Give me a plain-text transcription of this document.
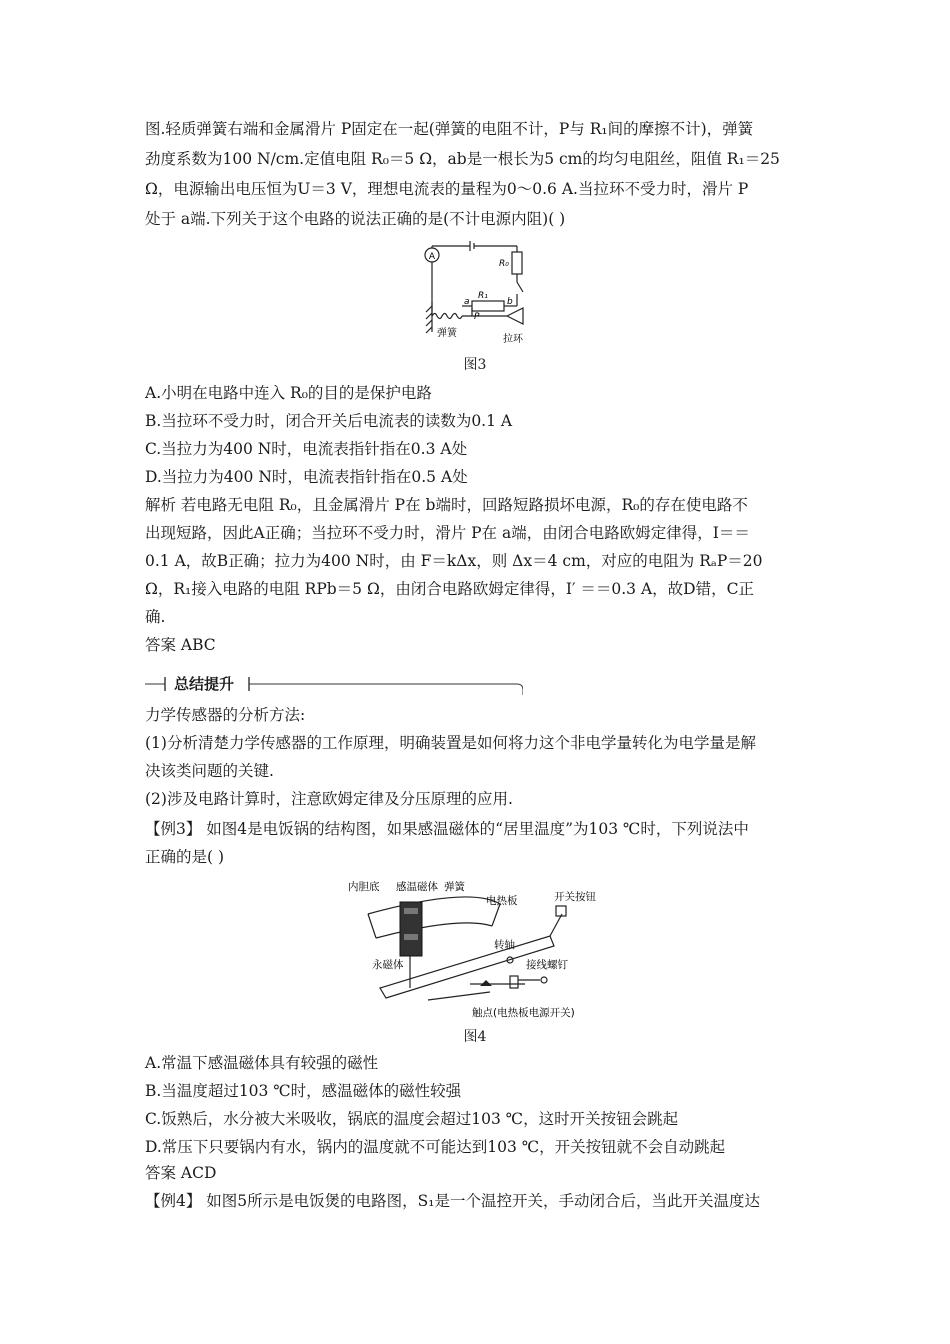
图.轻质弹簧右端和金属滑片 P固定在一起(弹簧的电阻不计，P与 R₁间的摩擦不计)，弹簧
劲度系数为100 N/cm.定值电阻 R₀＝5 Ω，ab是一根长为5 cm的均匀电阻丝，阻值 R₁＝25
Ω，电源输出电压恒为U＝3 V，理想电流表的量程为0～0.6 A.当拉环不受力时，滑片 P
处于 a端.下列关于这个电路的说法正确的是(不计电源内阻)( )
A
R₀
R₁
a	b
P
弹簧
拉环
图3
A.小明在电路中连入 R₀的目的是保护电路
B.当拉环不受力时，闭合开关后电流表的读数为0.1 A
C.当拉力为400 N时，电流表指针指在0.3 A处
D.当拉力为400 N时，电流表指针指在0.5 A处
解析 若电路无电阻 R₀，且金属滑片 P在 b端时，回路短路损坏电源，R₀的存在使电路不
出现短路，因此A正确；当拉环不受力时，滑片 P在 a端，由闭合电路欧姆定律得，I＝＝
0.1 A，故B正确；拉力为400 N时，由 F＝kΔx，则 Δx＝4 cm，对应的电阻为 RₐP＝20
Ω，R₁接入电路的电阻 RPb＝5 Ω，由闭合电路欧姆定律得，I′ ＝＝0.3 A，故D错，C正
确.
答案 ABC
总结提升
力学传感器的分析方法:
(1)分析清楚力学传感器的工作原理，明确装置是如何将力这个非电学量转化为电学量是解
决该类问题的关键.
(2)涉及电路计算时，注意欧姆定律及分压原理的应用.
【例3】 如图4是电饭锅的结构图，如果感温磁体的“居里温度”为103 ℃时，下列说法中
正确的是( )
内胆底 感温磁体 弹簧
电热板	开关按钮
转轴
永磁体	接线螺钉
触点(电热板电源开关)
图4
A.常温下感温磁体具有较强的磁性
B.当温度超过103 ℃时，感温磁体的磁性较强
C.饭熟后，水分被大米吸收，锅底的温度会超过103 ℃，这时开关按钮会跳起
D.常压下只要锅内有水，锅内的温度就不可能达到103 ℃，开关按钮就不会自动跳起
答案 ACD
【例4】 如图5所示是电饭煲的电路图，S₁是一个温控开关，手动闭合后，当此开关温度达
